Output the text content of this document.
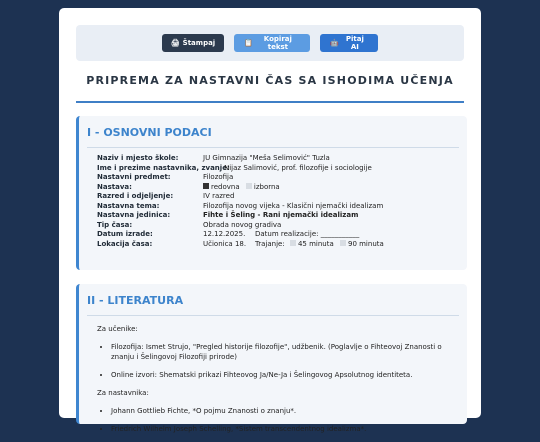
🖨 Štampaj	📋	Kopiraj tekst	🤖	Pitaj AI
PRIPREMA ZA NASTAVNI ČAS SA ISHODIMA UČENJA
I - OSNOVNI PODACI
Naziv i mjesto škole:	JU Gimnazija "Meša Selimović" Tuzla
Ime i prezime nastavnika, zvanje:
Nijaz Salimović, prof. filozofije i sociologije
Nastavni predmet:	Filozofija
Nastava:	redovna izborna
Razred i odjeljenje:	IV razred
Nastavna tema:	Filozofija novog vijeka - Klasični njemački idealizam
Nastavna jedinica:	Fihte i Šeling - Rani njemački idealizam
Tip časa:	Obrada novog gradiva
Datum izrade:	12.12.2025. Datum realizacije: ___________
Lokacija časa:	Učionica 18. Trajanje: 45 minuta 90 minuta
II - LITERATURA
Za učenike:
• Filozofija: Ismet Strujo, "Pregled historije filozofije", udžbenik. (Poglavlje o Fihteovoj Znanosti o znanju i Šelingovoj Filozofiji prirode)
• Online izvori: Shematski prikazi Fihteovog Ja/Ne-Ja i Šelingovog Apsolutnog identiteta.
Za nastavnika:
• Johann Gottlieb Fichte, *O pojmu Znanosti o znanju*.
• Friedrich Wilhelm Joseph Schelling, *Sistem transcendentnog idealizma*.
